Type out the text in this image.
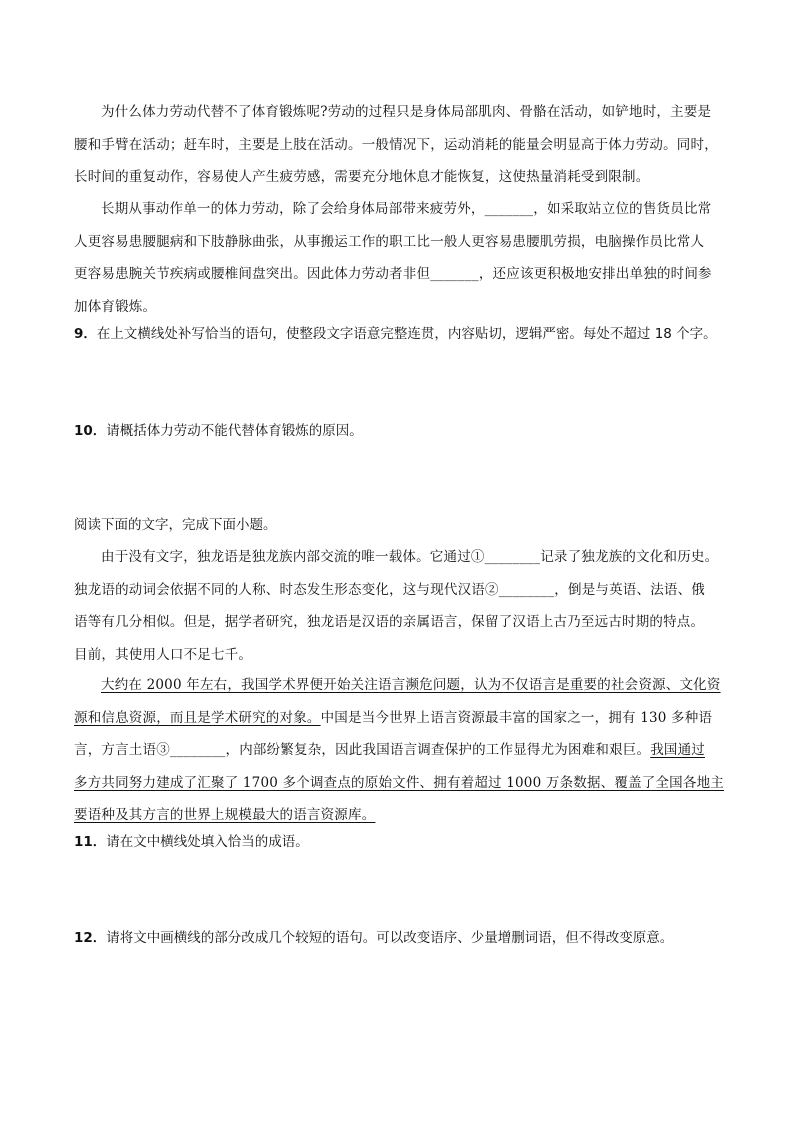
为什么体力劳动代替不了体育锻炼呢?劳动的过程只是身体局部肌肉、骨骼在活动，如铲地时，主要是
腰和手臂在活动；赶车时，主要是上肢在活动。一般情况下，运动消耗的能量会明显高于体力劳动。同时，
长时间的重复动作，容易使人产生疲劳感，需要充分地休息才能恢复，这使热量消耗受到限制。
长期从事动作单一的体力劳动，除了会给身体局部带来疲劳外，_______，如采取站立位的售货员比常
人更容易患腰腿病和下肢静脉曲张，从事搬运工作的职工比一般人更容易患腰肌劳损，电脑操作员比常人
更容易患腕关节疾病或腰椎间盘突出。因此体力劳动者非但_______，还应该更积极地安排出单独的时间参
加体育锻炼。
9．在上文横线处补写恰当的语句，使整段文字语意完整连贯，内容贴切，逻辑严密。每处不超过 18 个字。
10．请概括体力劳动不能代替体育锻炼的原因。
阅读下面的文字，完成下面小题。
由于没有文字，独龙语是独龙族内部交流的唯一载体。它通过①________记录了独龙族的文化和历史。
独龙语的动词会依据不同的人称、时态发生形态变化，这与现代汉语②________，倒是与英语、法语、俄
语等有几分相似。但是，据学者研究，独龙语是汉语的亲属语言，保留了汉语上古乃至远古时期的特点。
目前，其使用人口不足七千。
大约在 2000 年左右，我国学术界便开始关注语言濒危问题，认为不仅语言是重要的社会资源、文化资
源和信息资源，而且是学术研究的对象。中国是当今世界上语言资源最丰富的国家之一，拥有 130 多种语
言，方言土语③________，内部纷繁复杂，因此我国语言调查保护的工作显得尤为困难和艰巨。我国通过
多方共同努力建成了汇聚了 1700 多个调查点的原始文件、拥有着超过 1000 万条数据、覆盖了全国各地主
要语种及其方言的世界上规模最大的语言资源库。
11．请在文中横线处填入恰当的成语。
12．请将文中画横线的部分改成几个较短的语句。可以改变语序、少量增删词语，但不得改变原意。
